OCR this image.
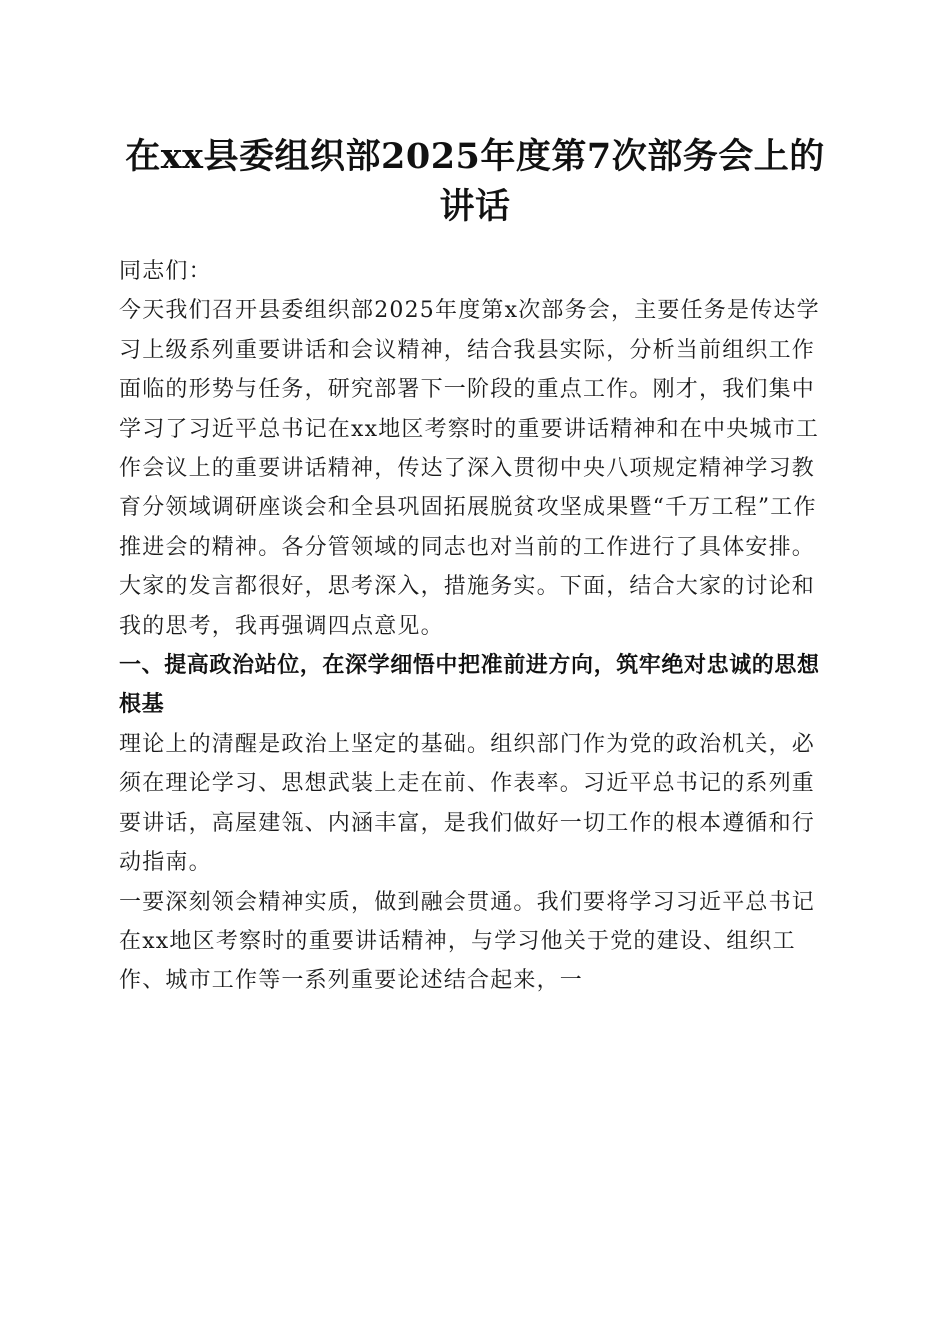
在xx县委组织部2025年度第7次部务会上的
讲话

同志们：

今天我们召开县委组织部2025年度第x次部务会，主要任务是传达学习上级系列重要讲话和会议精神，结合我县实际，分析当前组织工作面临的形势与任务，研究部署下一阶段的重点工作。刚才，我们集中学习了习近平总书记在xx地区考察时的重要讲话精神和在中央城市工作会议上的重要讲话精神，传达了深入贯彻中央八项规定精神学习教育分领域调研座谈会和全县巩固拓展脱贫攻坚成果暨“千万工程”工作推进会的精神。各分管领域的同志也对当前的工作进行了具体安排。大家的发言都很好，思考深入，措施务实。下面，结合大家的讨论和我的思考，我再强调四点意见。

一、提高政治站位，在深学细悟中把准前进方向，筑牢绝对忠诚的思想根基

理论上的清醒是政治上坚定的基础。组织部门作为党的政治机关，必须在理论学习、思想武装上走在前、作表率。习近平总书记的系列重要讲话，高屋建瓴、内涵丰富，是我们做好一切工作的根本遵循和行动指南。

一要深刻领会精神实质，做到融会贯通。我们要将学习习近平总书记在xx地区考察时的重要讲话精神，与学习他关于党的建设、组织工作、城市工作等一系列重要论述结合起来，一
